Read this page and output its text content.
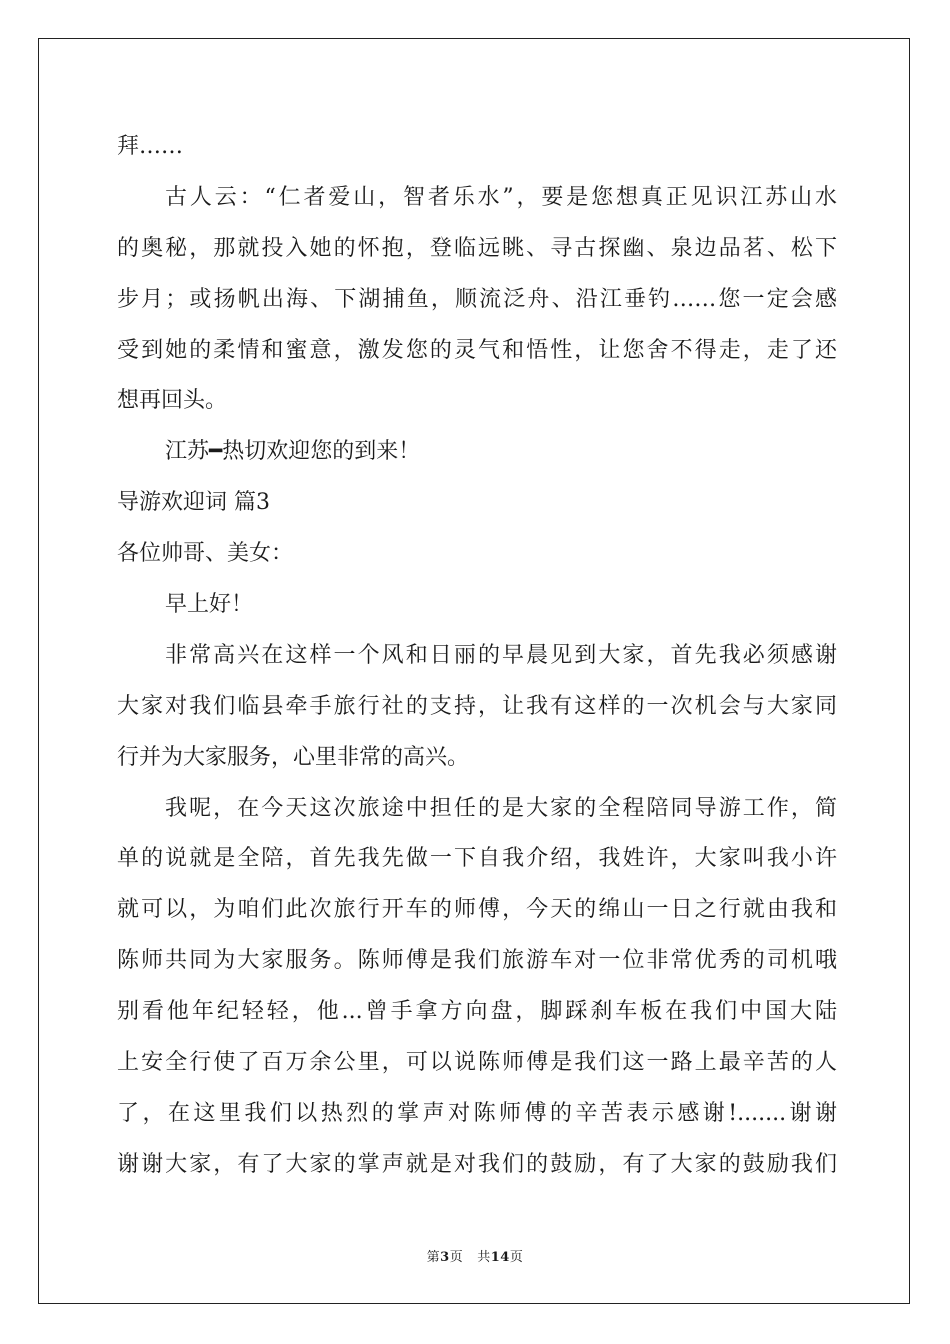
拜……
古人云：“仁者爱山，智者乐水”，要是您想真正见识江苏山水
的奥秘，那就投入她的怀抱，登临远眺、寻古探幽、泉边品茗、松下
步月；或扬帆出海、下湖捕鱼，顺流泛舟、沿江垂钓……您一定会感
受到她的柔情和蜜意，激发您的灵气和悟性，让您舍不得走，走了还
想再回头。
江苏━热切欢迎您的到来！
导游欢迎词 篇3
各位帅哥、美女：
早上好！
非常高兴在这样一个风和日丽的早晨见到大家，首先我必须感谢
大家对我们临县牵手旅行社的支持，让我有这样的一次机会与大家同
行并为大家服务，心里非常的高兴。
我呢，在今天这次旅途中担任的是大家的全程陪同导游工作，简
单的说就是全陪，首先我先做一下自我介绍，我姓许，大家叫我小许
就可以，为咱们此次旅行开车的师傅，今天的绵山一日之行就由我和
陈师共同为大家服务。陈师傅是我们旅游车对一位非常优秀的司机哦
别看他年纪轻轻，他...曾手拿方向盘，脚踩刹车板在我们中国大陆
上安全行使了百万余公里，可以说陈师傅是我们这一路上最辛苦的人
了，在这里我们以热烈的掌声对陈师傅的辛苦表示感谢!.......谢谢
谢谢大家，有了大家的掌声就是对我们的鼓励，有了大家的鼓励我们
第3页 共14页
